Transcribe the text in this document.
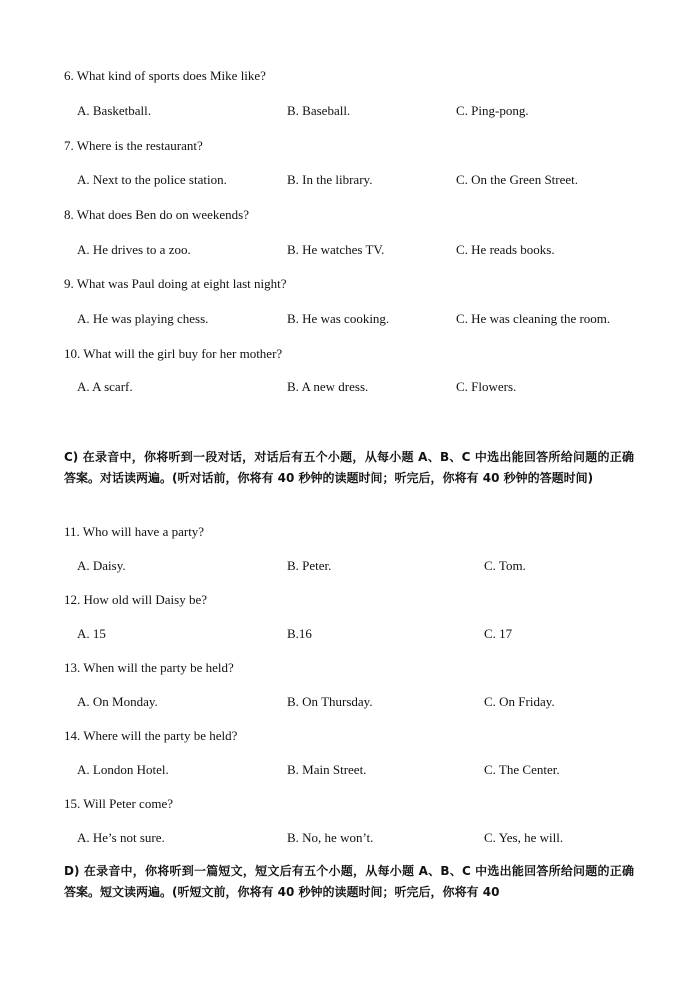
6. What kind of sports does Mike like?
A. Basketball.	B. Baseball.	C. Ping-pong.
7. Where is the restaurant?
A. Next to the police station.	B. In the library.	C. On the Green Street.
8. What does Ben do on weekends?
A. He drives to a zoo.	B. He watches TV.	C. He reads books.
9. What was Paul doing at eight last night?
A. He was playing chess.	B. He was cooking.	C. He was cleaning the room.
10. What will the girl buy for her mother?
A. A scarf.	B. A new dress.	C. Flowers.
C) 在录音中，你将听到一段对话，对话后有五个小题，从每小题 A、B、C 中选出能回答所给问题的正确答案。对话读两遍。(听对话前，你将有 40 秒钟的读题时间；听完后，你将有 40 秒钟的答题时间)
11. Who will have a party?
A. Daisy.	B. Peter.	C. Tom.
12. How old will Daisy be?
A. 15	B.16	C. 17
13. When will the party be held?
A. On Monday.	B. On Thursday.	C. On Friday.
14. Where will the party be held?
A. London Hotel.	B. Main Street.	C. The Center.
15. Will Peter come?
A. He’s not sure.	B. No, he won’t.	C. Yes, he will.
D) 在录音中，你将听到一篇短文，短文后有五个小题，从每小题 A、B、C 中选出能回答所给问题的正确答案。短文读两遍。(听短文前，你将有 40 秒钟的读题时间；听完后，你将有 40
